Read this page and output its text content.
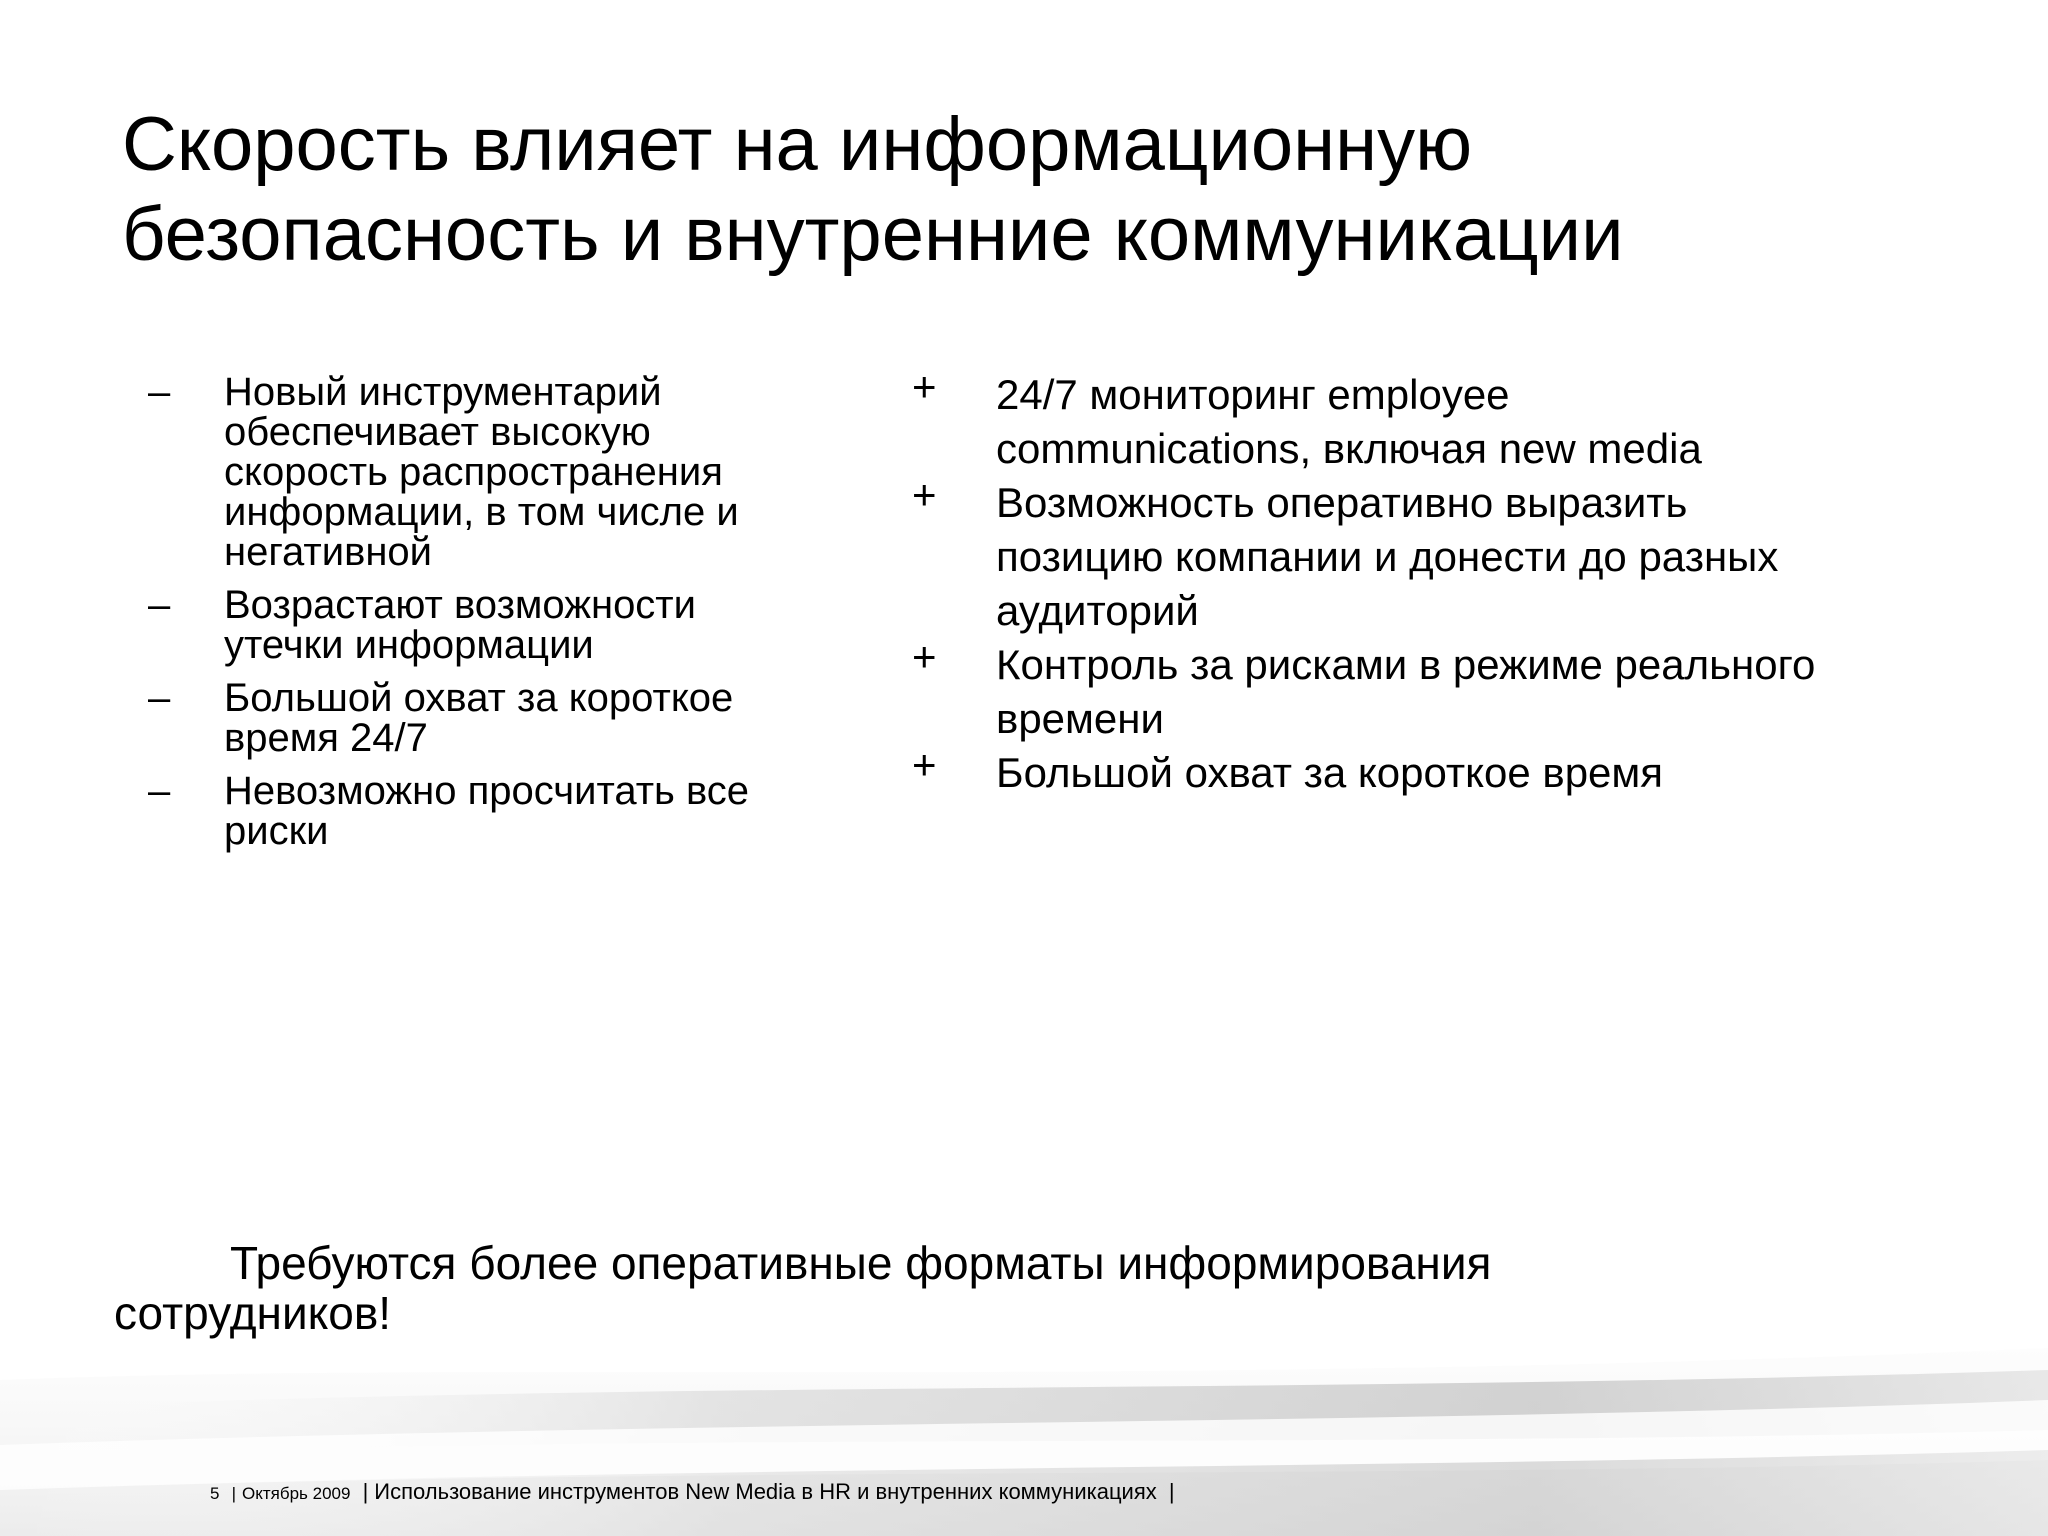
Скорость влияет на информационную
безопасность и внутренние коммуникации
– Новый инструментарий
обеспечивает высокую
скорость распространения
информации, в том числе и
негативной
– Возрастают возможности
утечки информации
– Большой охват за короткое
время 24/7
– Невозможно просчитать все
риски
+ 24/7 мониторинг employee
communications, включая new media
+ Возможность оперативно выразить
позицию компании и донести до разных
аудиторий
+ Контроль за рисками в режиме реального
времени
+ Большой охват за короткое время

Требуются более оперативные форматы информирования
сотрудников!

5 | Октябрь 2009 | Использование инструментов New Media в HR и внутренних коммуникациях |
